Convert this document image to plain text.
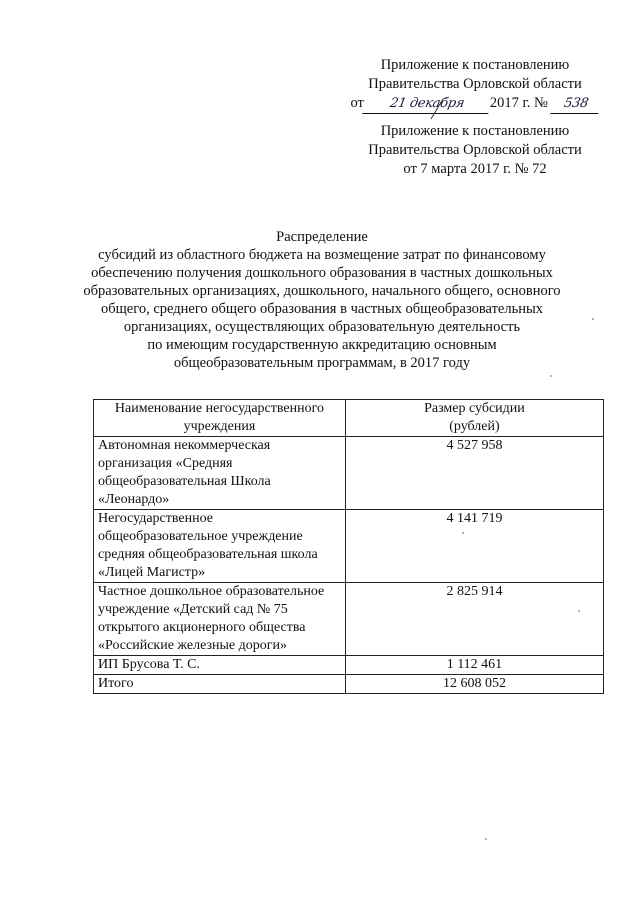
Приложение к постановлению
Правительства Орловской области
от 21 декабря 2017 г. № 538
Приложение к постановлению
Правительства Орловской области
от 7 марта 2017 г. № 72
Распределение
субсидий из областного бюджета на возмещение затрат по финансовому
обеспечению получения дошкольного образования в частных дошкольных
образовательных организациях, дошкольного, начального общего, основного
общего, среднего общего образования в частных общеобразовательных
организациях, осуществляющих образовательную деятельность
по имеющим государственную аккредитацию основным
общеобразовательным программам, в 2017 году
Наименование негосударственного
учреждения	Размер субсидии
(рублей)
Автономная некоммерческая
организация «Средняя
общеобразовательная Школа
«Леонардо»	4 527 958
Негосударственное
общеобразовательное учреждение
средняя общеобразовательная школа
«Лицей Магистр»	4 141 719
Частное дошкольное образовательное
учреждение «Детский сад № 75
открытого акционерного общества
«Российские железные дороги»	2 825 914
ИП Брусова Т. С.	1 112 461
Итого	12 608 052
